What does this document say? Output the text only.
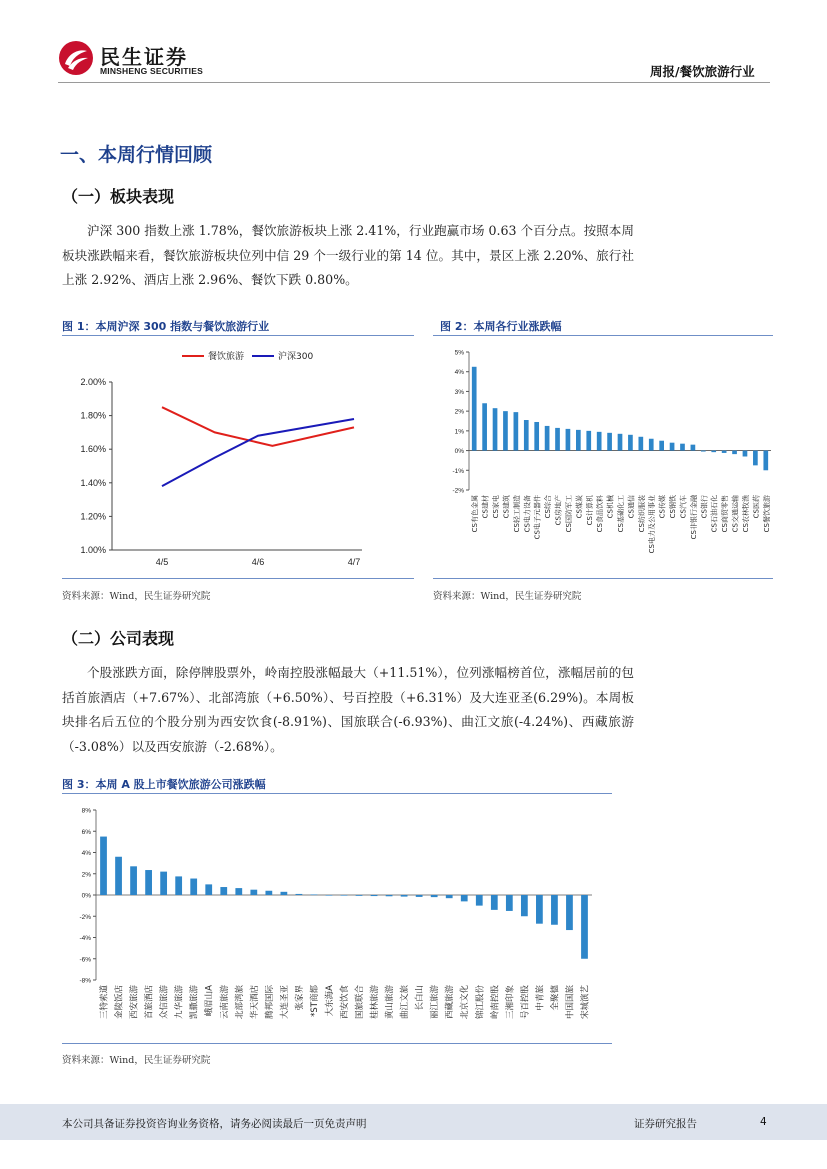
民生证券
MINSHENG SECURITIES	周报/餐饮旅游行业
一、本周行情回顾
（一）板块表现

沪深 300 指数上涨 1.78%，餐饮旅游板块上涨 2.41%，行业跑赢市场 0.63 个百分点。按照本周板块涨跌幅来看，餐饮旅游板块位列中信 29 个一级行业的第 14 位。其中，景区上涨 2.20%、旅行社上涨 2.92%、酒店上涨 2.96%、餐饮下跌 0.80%。

图 1：本周沪深 300 指数与餐饮旅游行业
1.00%
1.20%
1.40%
1.60%
1.80%
2.00%
4/5	4/6	4/7
餐饮旅游	沪深300
资料来源：Wind，民生证券研究院
图 2：本周各行业涨跌幅
-2%
-1%
0%
1%
2%
3%
4%
5%
CS有色金属 CS建材 CS家电 CS建筑 CS轻工制造 CS电力设备 CS电子元器件 CS综合 CS房地产 CS国防军工 CS煤炭 CS计算机 CS食品饮料 CS机械 CS基础化工 CS通信 CS纺织服装 CS电力及公用事业 CS传媒 CS钢铁 CS汽车 CS非银行金融 CS银行 CS石油石化 CS商贸零售 CS交通运输 CS农林牧渔 CS医药 CS餐饮旅游
资料来源：Wind，民生证券研究院
（二）公司表现

个股涨跌方面，除停牌股票外，岭南控股涨幅最大（+11.51%），位列涨幅榜首位，涨幅居前的包括首旅酒店（+7.67%）、北部湾旅（+6.50%）、号百控股（+6.31%）及大连亚圣(6.29%)。本周板块排名后五位的个股分别为西安饮食(-8.91%)、国旅联合(-6.93%)、曲江文旅(-4.24%)、西藏旅游（-3.08%）以及西安旅游（-2.68%）。

图 3：本周 A 股上市餐饮旅游公司涨跌幅
-8%
-6%
-4%
-2%
0%
2%
4%
6%
8%
三特索道 金陵饭店 西安旅游 首旅酒店 众信旅游 九华旅游 凯撒旅游 峨眉山A 云南旅游 北部湾旅 华天酒店 腾邦国际 大连圣亚 张家界 *ST商都 大东海A 西安饮食 国旅联合 桂林旅游 黄山旅游 曲江文旅 长白山 丽江旅游 西藏旅游 北京文化 锦江股份 岭南控股 三湘印象 号百控股 中青旅 全聚德 中国国旅 宋城演艺
资料来源：Wind，民生证券研究院
本公司具备证券投资咨询业务资格，请务必阅读最后一页免责声明	证券研究报告	4
